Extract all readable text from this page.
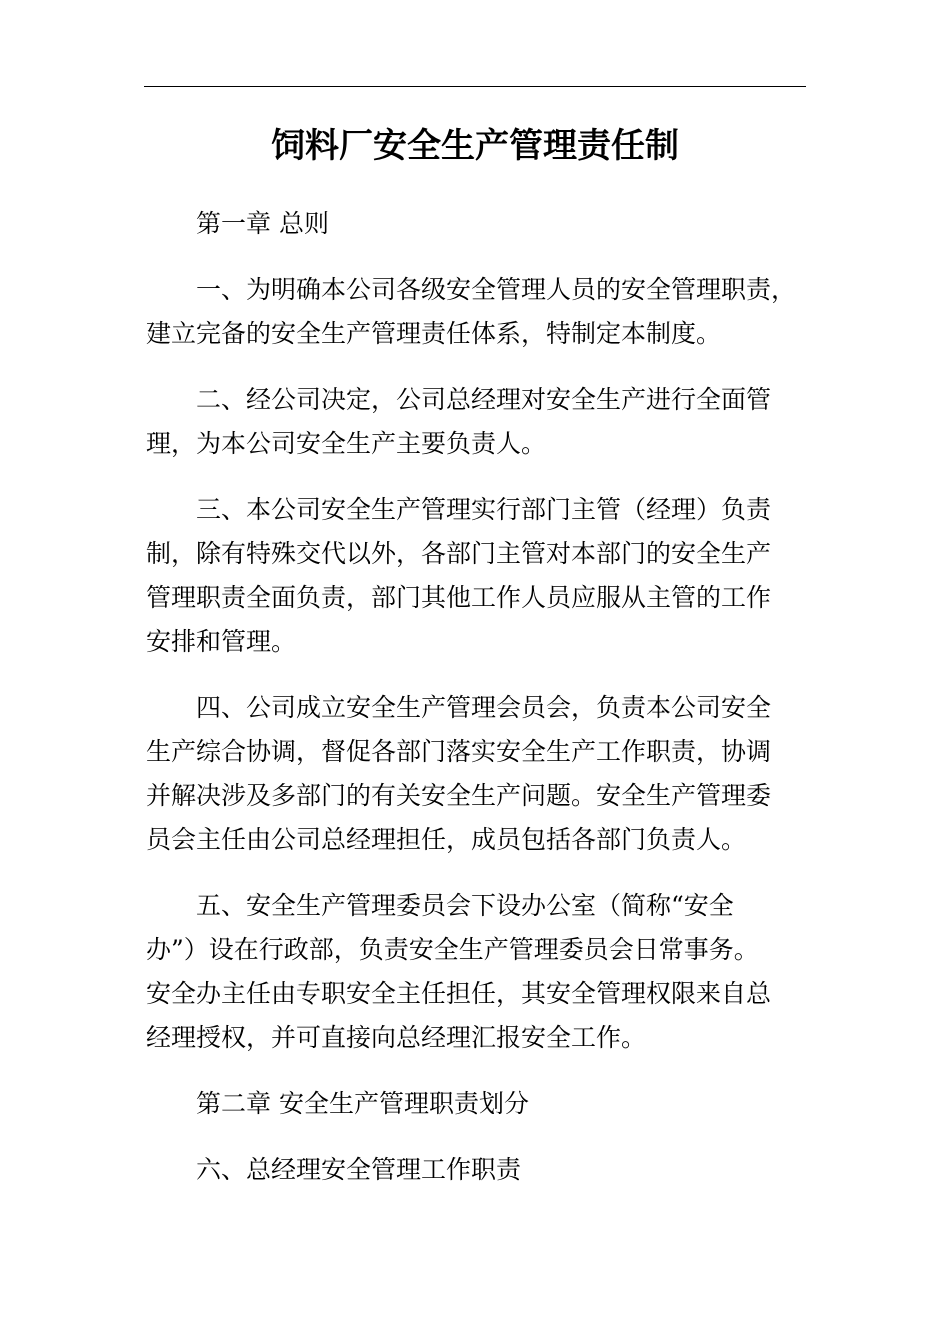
饲料厂安全生产管理责任制

第一章 总则

一、为明确本公司各级安全管理人员的安全管理职责，
建立完备的安全生产管理责任体系，特制定本制度。

二、经公司决定，公司总经理对安全生产进行全面管
理，为本公司安全生产主要负责人。

三、本公司安全生产管理实行部门主管（经理）负责
制，除有特殊交代以外，各部门主管对本部门的安全生产
管理职责全面负责，部门其他工作人员应服从主管的工作
安排和管理。

四、公司成立安全生产管理会员会，负责本公司安全
生产综合协调，督促各部门落实安全生产工作职责，协调
并解决涉及多部门的有关安全生产问题。安全生产管理委
员会主任由公司总经理担任，成员包括各部门负责人。

五、安全生产管理委员会下设办公室（简称“安全
办”）设在行政部，负责安全生产管理委员会日常事务。
安全办主任由专职安全主任担任，其安全管理权限来自总
经理授权，并可直接向总经理汇报安全工作。

第二章 安全生产管理职责划分

六、总经理安全管理工作职责
